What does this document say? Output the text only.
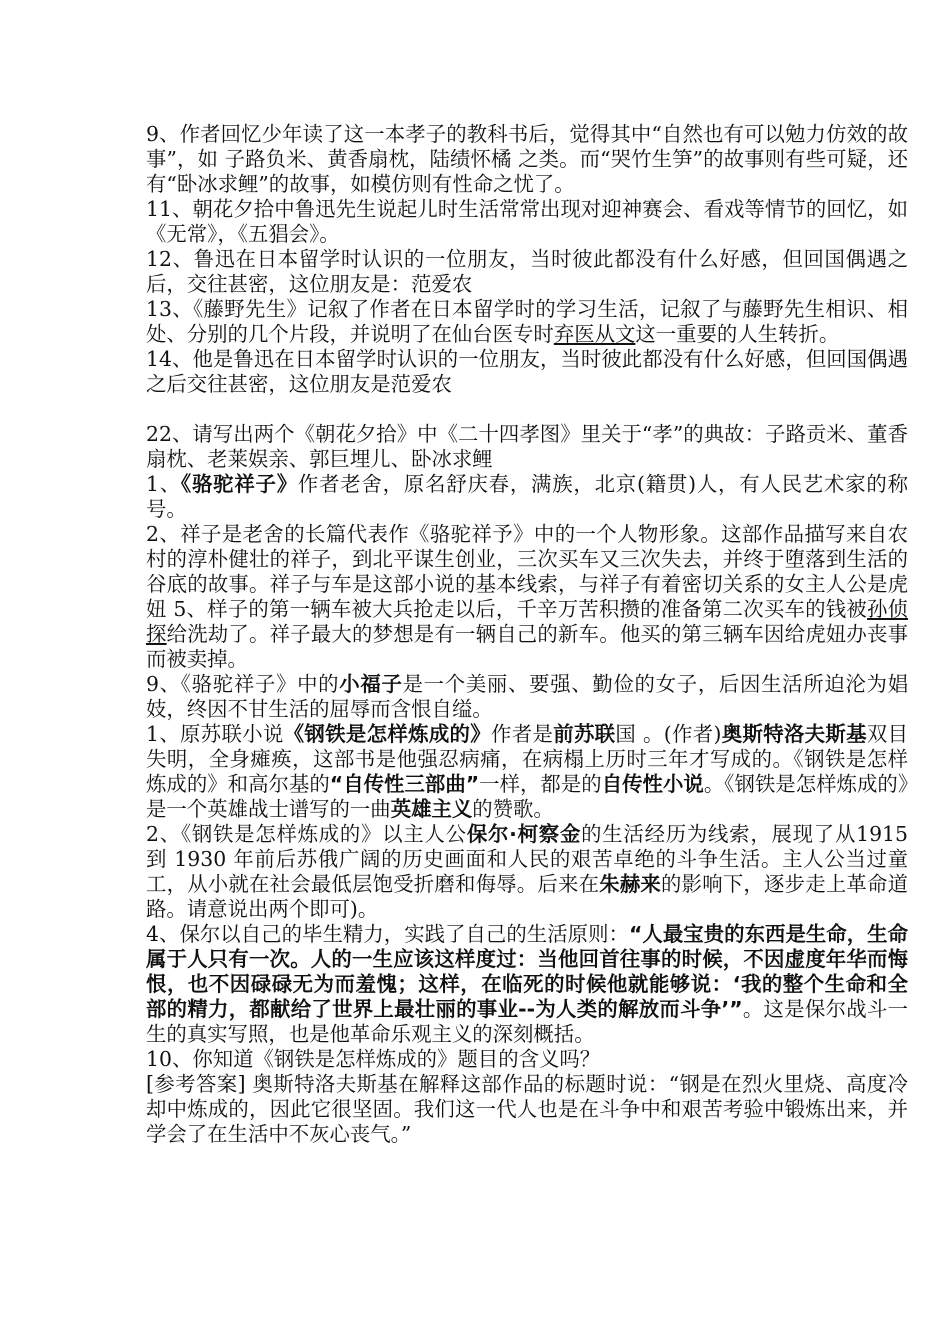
9、作者回忆少年读了这一本孝子的教科书后，觉得其中“自然也有可以勉力仿效的故事”，如 子路负米、黄香扇枕，陆绩怀橘 之类。而“哭竹生笋”的故事则有些可疑，还有“卧冰求鲤”的故事，如模仿则有性命之忧了。

11、朝花夕拾中鲁迅先生说起儿时生活常常出现对迎神赛会、看戏等情节的回忆，如《无常》，《五猖会》。

12、鲁迅在日本留学时认识的一位朋友，当时彼此都没有什么好感，但回国偶遇之后，交往甚密，这位朋友是：范爱农

13、《藤野先生》记叙了作者在日本留学时的学习生活，记叙了与藤野先生相识、相处、分别的几个片段，并说明了在仙台医专时弃医从文这一重要的人生转折。

14、他是鲁迅在日本留学时认识的一位朋友，当时彼此都没有什么好感，但回国偶遇之后交往甚密，这位朋友是范爱农

22、请写出两个《朝花夕拾》中《二十四孝图》里关于“孝”的典故：子路贡米、董香扇枕、老莱娱亲、郭巨埋儿、卧冰求鲤

1、《骆驼祥子》作者老舍，原名舒庆春，满族，北京(籍贯)人，有人民艺术家的称号。

2、祥子是老舍的长篇代表作《骆驼祥予》中的一个人物形象。这部作品描写来自农村的淳朴健壮的祥子，到北平谋生创业，三次买车又三次失去，并终于堕落到生活的谷底的故事。祥子与车是这部小说的基本线索，与祥子有着密切关系的女主人公是虎妞 5、样子的第一辆车被大兵抢走以后，千辛万苦积攒的准备第二次买车的钱被孙侦探给洗劫了。祥子最大的梦想是有一辆自己的新车。他买的第三辆车因给虎妞办丧事而被卖掉。

9、《骆驼祥子》中的小福子是一个美丽、要强、勤俭的女子，后因生活所迫沦为娼妓，终因不甘生活的屈辱而含恨自缢。

1、原苏联小说《钢铁是怎样炼成的》作者是前苏联国 。(作者)奥斯特洛夫斯基双目失明，全身瘫痪，这部书是他强忍病痛，在病榻上历时三年才写成的。《钢铁是怎样炼成的》和高尔基的“自传性三部曲”一样，都是的自传性小说。《钢铁是怎样炼成的》是一个英雄战士谱写的一曲英雄主义的赞歌。

2、《钢铁是怎样炼成的》以主人公保尔·柯察金的生活经历为线索，展现了从1915 到 1930 年前后苏俄广阔的历史画面和人民的艰苦卓绝的斗争生活。主人公当过童工，从小就在社会最低层饱受折磨和侮辱。后来在朱赫来的影响下，逐步走上革命道路。请意说出两个即可)。

4、保尔以自己的毕生精力，实践了自己的生活原则：“人最宝贵的东西是生命，生命属于人只有一次。人的一生应该这样度过：当他回首往事的时候，不因虚度年华而悔恨，也不因碌碌无为而羞愧；这样，在临死的时候他就能够说：‘我的整个生命和全部的精力，都献给了世界上最壮丽的事业--为人类的解放而斗争’”。这是保尔战斗一生的真实写照，也是他革命乐观主义的深刻概括。

10、你知道《钢铁是怎样炼成的》题目的含义吗？

[参考答案] 奥斯特洛夫斯基在解释这部作品的标题时说：“钢是在烈火里烧、高度冷却中炼成的，因此它很坚固。我们这一代人也是在斗争中和艰苦考验中锻炼出来，并学会了在生活中不灰心丧气。”
